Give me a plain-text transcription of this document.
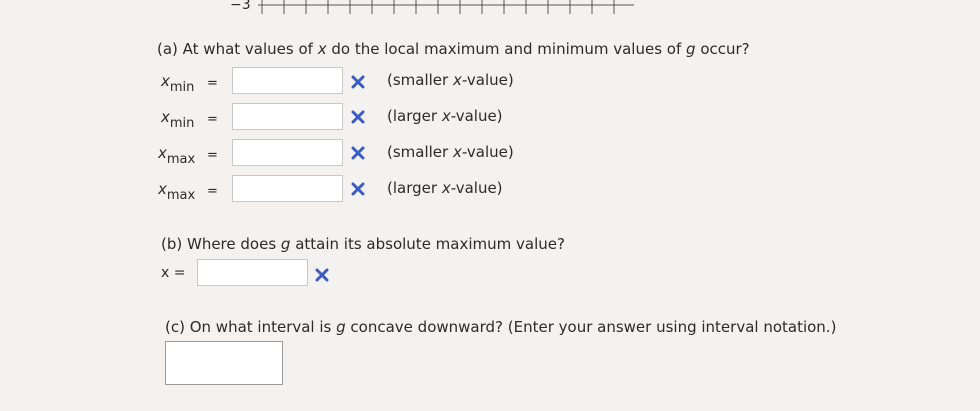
−3
(a) At what values of x do the local maximum and minimum values of g occur?
xmin =	(smaller x-value)
xmin =	(larger x-value)
xmax =	(smaller x-value)
xmax =	(larger x-value)
(b) Where does g attain its absolute maximum value?
x =
(c) On what interval is g concave downward? (Enter your answer using interval notation.)
